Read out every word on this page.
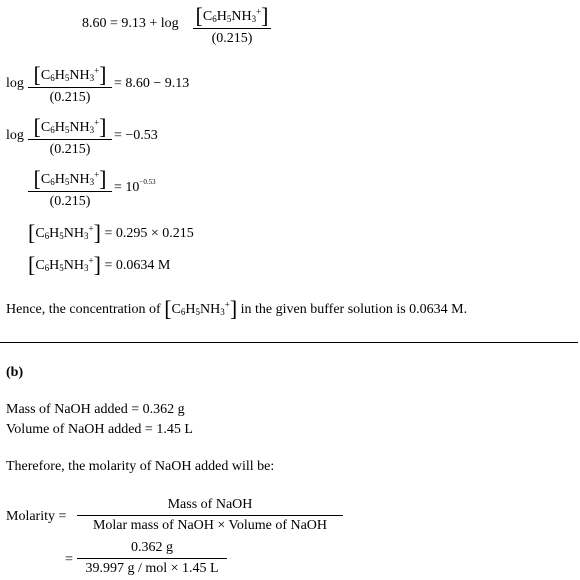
$8.60 = 9.13 + \log [C_6H_5NH_3^+]$
(0.215)
$\log [C_6H_5NH_3^+]$
(0.215)
= 8.60 − 9.13
$\log [C_6H_5NH_3^+]$
(0.215)
= −0.53
$[C_6H_5NH_3^+]$
(0.215)
= $10^{-0.53}$
$[C_6H_5NH_3^+] = 0.295 \times 0.215$
$[C_6H_5NH_3^+] = 0.0634$ M
Hence, the concentration of $[C_6H_5NH_3^+]$ in the given buffer solution is 0.0634 M.
(b)
Mass of NaOH added = 0.362 g
Volume of NaOH added = 1.45 L
Therefore, the molarity of NaOH added will be:
Molarity =
Mass of NaOH
Molar mass of NaOH × Volume of NaOH
=
0.362 g
39.997 g / mol × 1.45 L
